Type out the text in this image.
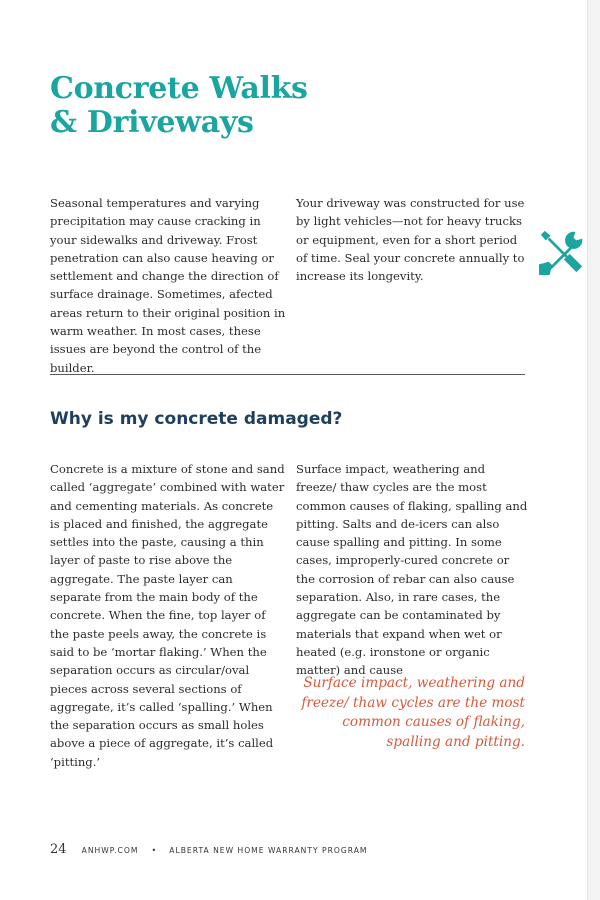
Concrete Walks
& Driveways

Seasonal temperatures and varying precipitation may cause cracking in your sidewalks and driveway. Frost penetration can also cause heaving or settlement and change the direction of surface drainage. Sometimes, afected areas return to their original position in warm weather. In most cases, these issues are beyond the control of the builder.

Your driveway was constructed for use by light vehicles—not for heavy trucks or equipment, even for a short period of time. Seal your concrete annually to increase its longevity.

Why is my concrete damaged?

Concrete is a mixture of stone and sand called ‘aggregate’ combined with water and cementing materials. As concrete is placed and finished, the aggregate settles into the paste, causing a thin layer of paste to rise above the aggregate. The paste layer can separate from the main body of the concrete. When the fine, top layer of the paste peels away, the concrete is said to be ‘mortar flaking.’ When the separation occurs as circular/oval pieces across several sections of aggregate, it’s called ‘spalling.’ When the separation occurs as small holes above a piece of aggregate, it’s called ‘pitting.’

Surface impact, weathering and freeze/ thaw cycles are the most common causes of flaking, spalling and pitting. Salts and de-icers can also cause spalling and pitting. In some cases, improperly-cured concrete or the corrosion of rebar can also cause separation. Also, in rare cases, the aggregate can be contaminated by materials that expand when wet or heated (e.g. ironstone or organic matter) and cause

Surface impact, weathering and freeze/ thaw cycles are the most common causes of flaking, spalling and pitting.

24 ANHWP.COM • ALBERTA NEW HOME WARRANTY PROGRAM
